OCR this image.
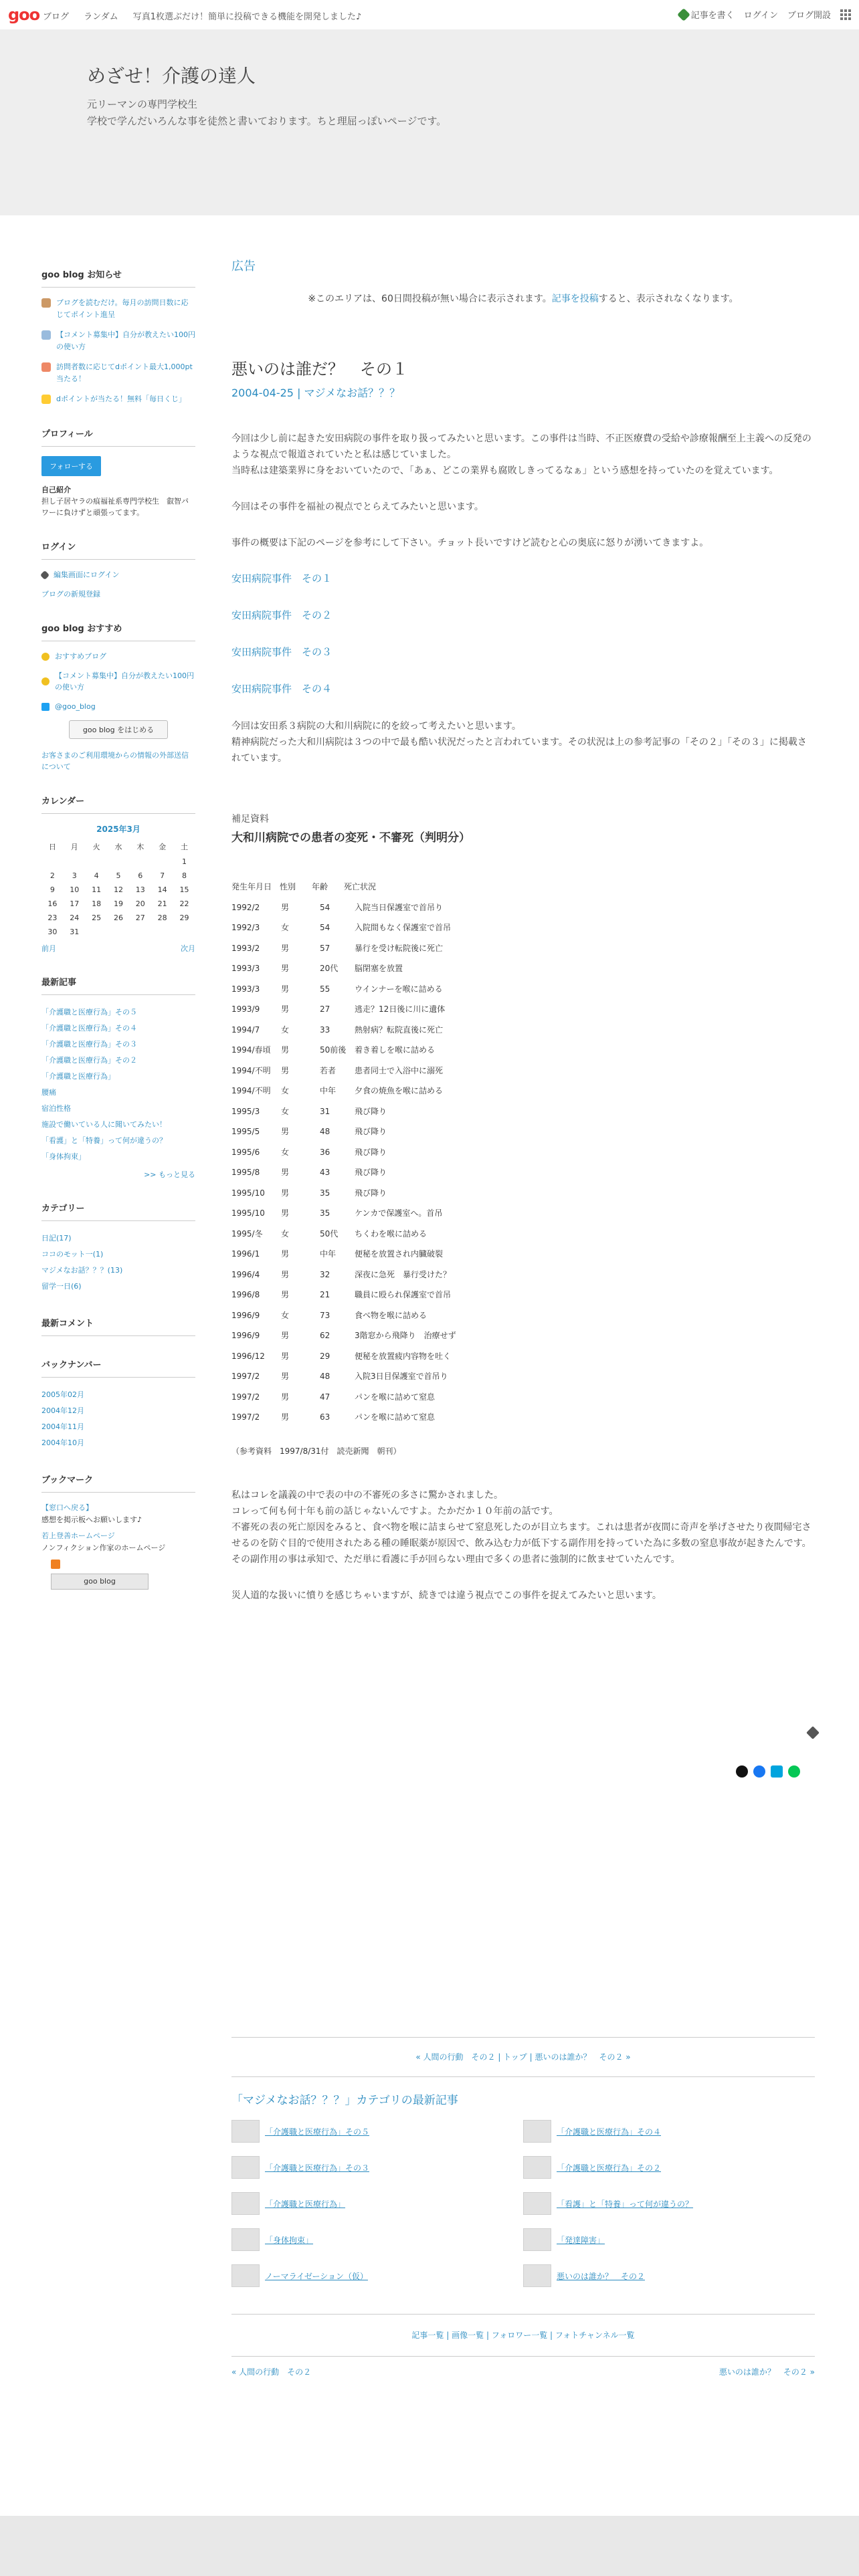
goo ブログ ランダム 写真1枚選ぶだけ！簡単に投稿できる機能を開発しました♪	記事を書く ログイン ブログ開設
めざせ！介護の達人
元リーマンの専門学校生
学校で学んだいろんな事を徒然と書いております。ちと理屈っぽいページです。
goo blog お知らせ
ブログを読むだけ。毎月の訪問日数に応じてポイント進呈
【コメント募集中】自分が教えたい100円の使い方
訪問者数に応じてdポイント最大1,000pt当たる！
dポイントが当たる！無料「毎日くじ」
プロフィール
フォローする
自己紹介
担し子居ヤラの痕福祉系専門学校生　叡智パワーに負けずと頑張ってます。
ログイン
編集画面にログイン
ブログの新規登録
goo blog おすすめ
おすすめブログ
【コメント募集中】自分が教えたい100円の使い方
@goo_blog
goo blog をはじめる
お客さまのご利用環境からの情報の外部送信について
カレンダー
2025年3月
日	月	火	水	木	金	土
						1
2	3	4	5	6	7	8
9	10	11	12	13	14	15
16	17	18	19	20	21	22
23	24	25	26	27	28	29
30	31					
前月	次月
最新記事
「介護職と医療行為」その５
「介護職と医療行為」その４
「介護職と医療行為」その３
「介護職と医療行為」その２
「介護職と医療行為」
腰痛
宿泊性格
施設で働いている人に聞いてみたい！
「看護」と「特養」って何が違うの？
「身体拘束」
>> もっと見る
カテゴリー
日記(17)
ココのモット一(1)
マジメなお話？？？(13)
留学一日(6)
最新コメント
バックナンバー
2005年02月
2004年12月
2004年11月
2004年10月
ブックマーク
【窓口へ戻る】
感想を掲示板へお願いします♪
若上登善ホームページ
ノンフィクション作家のホームページ
goo blog
広告
※このエリアは、60日間投稿が無い場合に表示されます。記事を投稿すると、表示されなくなります。
悪いのは誰だ？　その１
2004-04-25 | マジメなお話？？？
今回は少し前に起きた安田病院の事件を取り扱ってみたいと思います。この事件は当時、不正医療費の受給や診療報酬至上主義への反発のような視点で報道されていたと私は感じていました。
当時私は建築業界に身をおいていたので、「あぁ、どこの業界も腐敗しきってるなぁ」という感想を持っていたのを覚えています。
今回はその事件を福祉の視点でとらえてみたいと思います。
事件の概要は下記のページを参考にして下さい。チョット長いですけど読むと心の奥底に怒りが湧いてきますよ。
安田病院事件　その１
安田病院事件　その２
安田病院事件　その３
安田病院事件　その４
今回は安田系３病院の大和川病院に的を絞って考えたいと思います。
精神病院だった大和川病院は３つの中で最も酷い状況だったと言われています。その状況は上の参考記事の「その２」「その３」に掲載されています。
補足資料
大和川病院での患者の変死・不審死（判明分）
発生年月日　性別　　年齢　　死亡状況
1992/2	男	54	入院当日保護室で首吊り
1992/3	女	54	入院間もなく保護室で首吊
1993/2	男	57	暴行を受け転院後に死亡
1993/3	男	20代 脳閉塞を放置
1993/3	男	55	ウインナーを喉に詰める
1993/9	男	27	逃走？12日後に川に遺体
1994/7	女	33	熱射病？転院直後に死亡
1994/春頃 男	50前後 着き着しを喉に詰める
1994/不明 男	若者 患者同士で入浴中に溺死
1994/不明 女	中年 夕食の焼魚を喉に詰める
1995/3	女	31	飛び降り
1995/5	男	48	飛び降り
1995/6	女	36	飛び降り
1995/8	男	43	飛び降り
1995/10 男	35	飛び降り
1995/10 男	35	ケンカで保護室へ。首吊
1995/冬 女	50代 ちくわを喉に詰める
1996/1	男	中年 便秘を放置され内臓破裂
1996/4	男	32	深夜に急死　暴行受けた？
1996/8	男	21	職員に殴られ保護室で首吊
1996/9	女	73	食べ物を喉に詰める
1996/9	男	62	3階窓から飛降り　治療せず
1996/12 男	29	便秘を放置疲内容物を吐く
1997/2	男	48	入院3日目保護室で首吊り
1997/2	男	47	パンを喉に詰めて窒息
1997/2	男	63	パンを喉に詰めて窒息
（参考資料　1997/8/31付　読売新聞　朝刊）

私はコレを議義の中で表の中の不審死の多さに驚かされました。

コレって何も何十年も前の話じゃないんですよ。たかだか１０年前の話です。

不審死の表の死亡原因をみると、食べ物を喉に詰まらせて窒息死したのが目立ちます。これは患者が夜間に奇声を挙げさせたり夜間帰宅させるのを防ぐ目的で使用されたある種の睡眠薬が原因で、飲み込む力が低下する副作用を持っていた為に多数の窒息事故が起きたんです。

その副作用の事は承知で、ただ単に看護に手が回らない理由で多くの患者に強制的に飲ませていたんです。

災人道的な扱いに憤りを感じちゃいますが、続きでは違う視点でこの事件を捉えてみたいと思います。

« 人間の行動　その２ | トップ | 悪いのは誰か？　その２ »
「マジメなお話？？？」カテゴリの最新記事
「介護職と医療行為」その５	「介護職と医療行為」その４
「介護職と医療行為」その３	「介護職と医療行為」その２
「介護職と医療行為」	「看護」と「特養」って何が違うの？
「身体拘束」	「発達障害」
ノーマライゼーション（仮）	悪いのは誰か？　その２
記事一覧 | 画像一覧 | フォロワー一覧 | フォトチャンネル一覧
« 人間の行動　その２	悪いのは誰か？　その２ »
